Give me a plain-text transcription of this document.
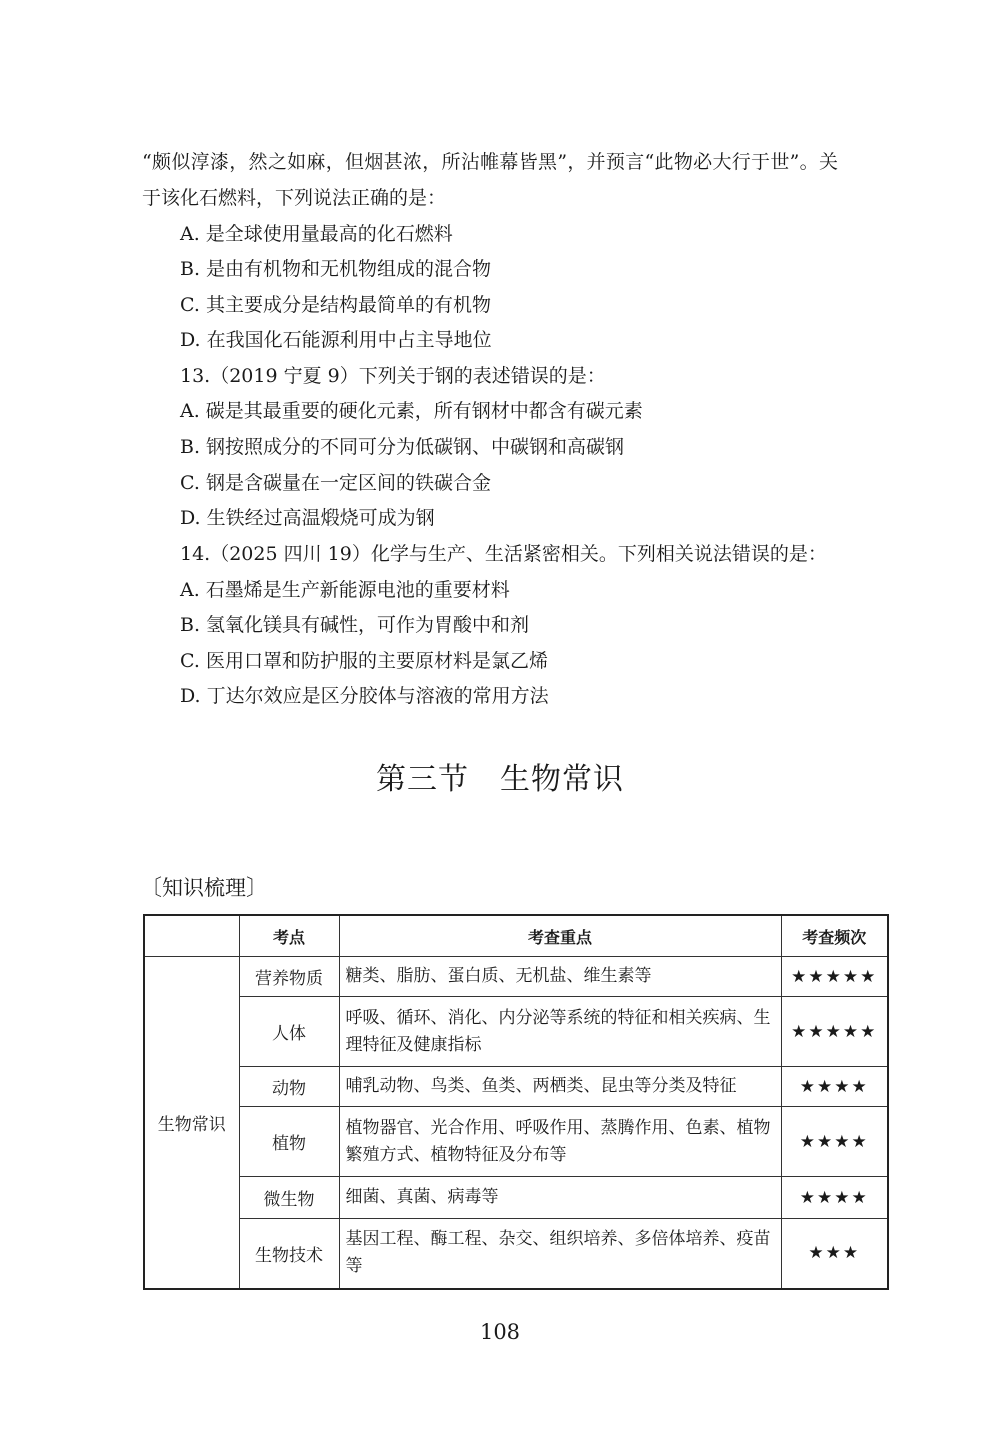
“颇似淳漆，然之如麻，但烟甚浓，所沾帷幕皆黑”，并预言“此物必大行于世”。关
于该化石燃料，下列说法正确的是：
A. 是全球使用量最高的化石燃料
B. 是由有机物和无机物组成的混合物
C. 其主要成分是结构最简单的有机物
D. 在我国化石能源利用中占主导地位
13.（2019 宁夏 9）下列关于钢的表述错误的是：
A. 碳是其最重要的硬化元素，所有钢材中都含有碳元素
B. 钢按照成分的不同可分为低碳钢、中碳钢和高碳钢
C. 钢是含碳量在一定区间的铁碳合金
D. 生铁经过高温煅烧可成为钢
14.（2025 四川 19）化学与生产、生活紧密相关。下列相关说法错误的是：
A. 石墨烯是生产新能源电池的重要材料
B. 氢氧化镁具有碱性，可作为胃酸中和剂
C. 医用口罩和防护服的主要原材料是氯乙烯
D. 丁达尔效应是区分胶体与溶液的常用方法
第三节　生物常识
〔知识梳理〕
	考点	考查重点	考查频次
生物常识	营养物质	糖类、脂肪、蛋白质、无机盐、维生素等	★★★★★
	人体	呼吸、循环、消化、内分泌等系统的特征和相关疾病、生理特征及健康指标	★★★★★
	动物	哺乳动物、鸟类、鱼类、两栖类、昆虫等分类及特征	★★★★
	植物	植物器官、光合作用、呼吸作用、蒸腾作用、色素、植物繁殖方式、植物特征及分布等	★★★★
	微生物	细菌、真菌、病毒等	★★★★
	生物技术	基因工程、酶工程、杂交、组织培养、多倍体培养、疫苗等	★★★
108
